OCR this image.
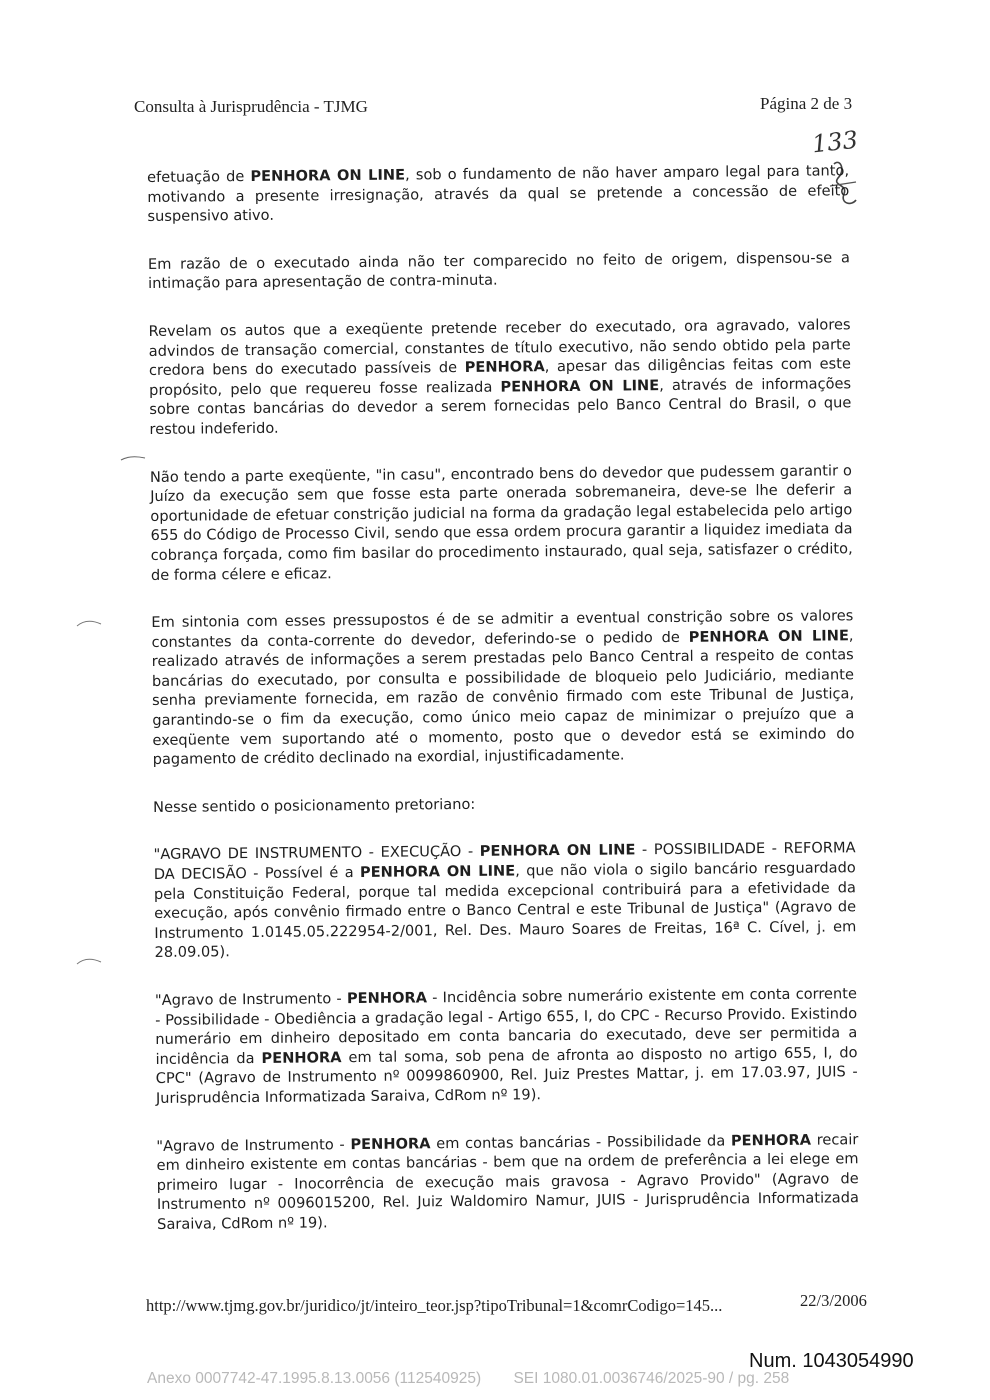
Consulta à Jurisprudência - TJMG	Página 2 de 3
133

efetuação de PENHORA ON LINE, sob o fundamento de não haver amparo legal para tanto, motivando a presente irresignação, através da qual se pretende a concessão de efeito suspensivo ativo.

Em razão de o executado ainda não ter comparecido no feito de origem, dispensou-se a intimação para apresentação de contra-minuta.

Revelam os autos que a exeqüente pretende receber do executado, ora agravado, valores advindos de transação comercial, constantes de título executivo, não sendo obtido pela parte credora bens do executado passíveis de PENHORA, apesar das diligências feitas com este propósito, pelo que requereu fosse realizada PENHORA ON LINE, através de informações sobre contas bancárias do devedor a serem fornecidas pelo Banco Central do Brasil, o que restou indeferido.

Não tendo a parte exeqüente, "in casu", encontrado bens do devedor que pudessem garantir o Juízo da execução sem que fosse esta parte onerada sobremaneira, deve-se lhe deferir a oportunidade de efetuar constrição judicial na forma da gradação legal estabelecida pelo artigo 655 do Código de Processo Civil, sendo que essa ordem procura garantir a liquidez imediata da cobrança forçada, como fim basilar do procedimento instaurado, qual seja, satisfazer o crédito, de forma célere e eficaz.

Em sintonia com esses pressupostos é de se admitir a eventual constrição sobre os valores constantes da conta-corrente do devedor, deferindo-se o pedido de PENHORA ON LINE, realizado através de informações a serem prestadas pelo Banco Central a respeito de contas bancárias do executado, por consulta e possibilidade de bloqueio pelo Judiciário, mediante senha previamente fornecida, em razão de convênio firmado com este Tribunal de Justiça, garantindo-se o fim da execução, como único meio capaz de minimizar o prejuízo que a exeqüente vem suportando até o momento, posto que o devedor está se eximindo do pagamento de crédito declinado na exordial, injustificadamente.

Nesse sentido o posicionamento pretoriano:

"AGRAVO DE INSTRUMENTO - EXECUÇÃO - PENHORA ON LINE - POSSIBILIDADE - REFORMA DA DECISÃO - Possível é a PENHORA ON LINE, que não viola o sigilo bancário resguardado pela Constituição Federal, porque tal medida excepcional contribuirá para a efetividade da execução, após convênio firmado entre o Banco Central e este Tribunal de Justiça" (Agravo de Instrumento 1.0145.05.222954-2/001, Rel. Des. Mauro Soares de Freitas, 16ª C. Cível, j. em 28.09.05).

"Agravo de Instrumento - PENHORA - Incidência sobre numerário existente em conta corrente - Possibilidade - Obediência a gradação legal - Artigo 655, I, do CPC - Recurso Provido. Existindo numerário em dinheiro depositado em conta bancaria do executado, deve ser permitida a incidência da PENHORA em tal soma, sob pena de afronta ao disposto no artigo 655, I, do CPC" (Agravo de Instrumento nº 0099860900, Rel. Juiz Prestes Mattar, j. em 17.03.97, JUIS - Jurisprudência Informatizada Saraiva, CdRom nº 19).

"Agravo de Instrumento - PENHORA em contas bancárias - Possibilidade da PENHORA recair em dinheiro existente em contas bancárias - bem que na ordem de preferência a lei elege em primeiro lugar - Inocorrência de execução mais gravosa - Agravo Provido" (Agravo de Instrumento nº 0096015200, Rel. Juiz Waldomiro Namur, JUIS - Jurisprudência Informatizada Saraiva, CdRom nº 19).

http://www.tjmg.gov.br/juridico/jt/inteiro_teor.jsp?tipoTribunal=1&comrCodigo=145...	22/3/2006
Num. 1043054990
Anexo 0007742-47.1995.8.13.0056 (112540925) SEI 1080.01.0036746/2025-90 / pg. 258
